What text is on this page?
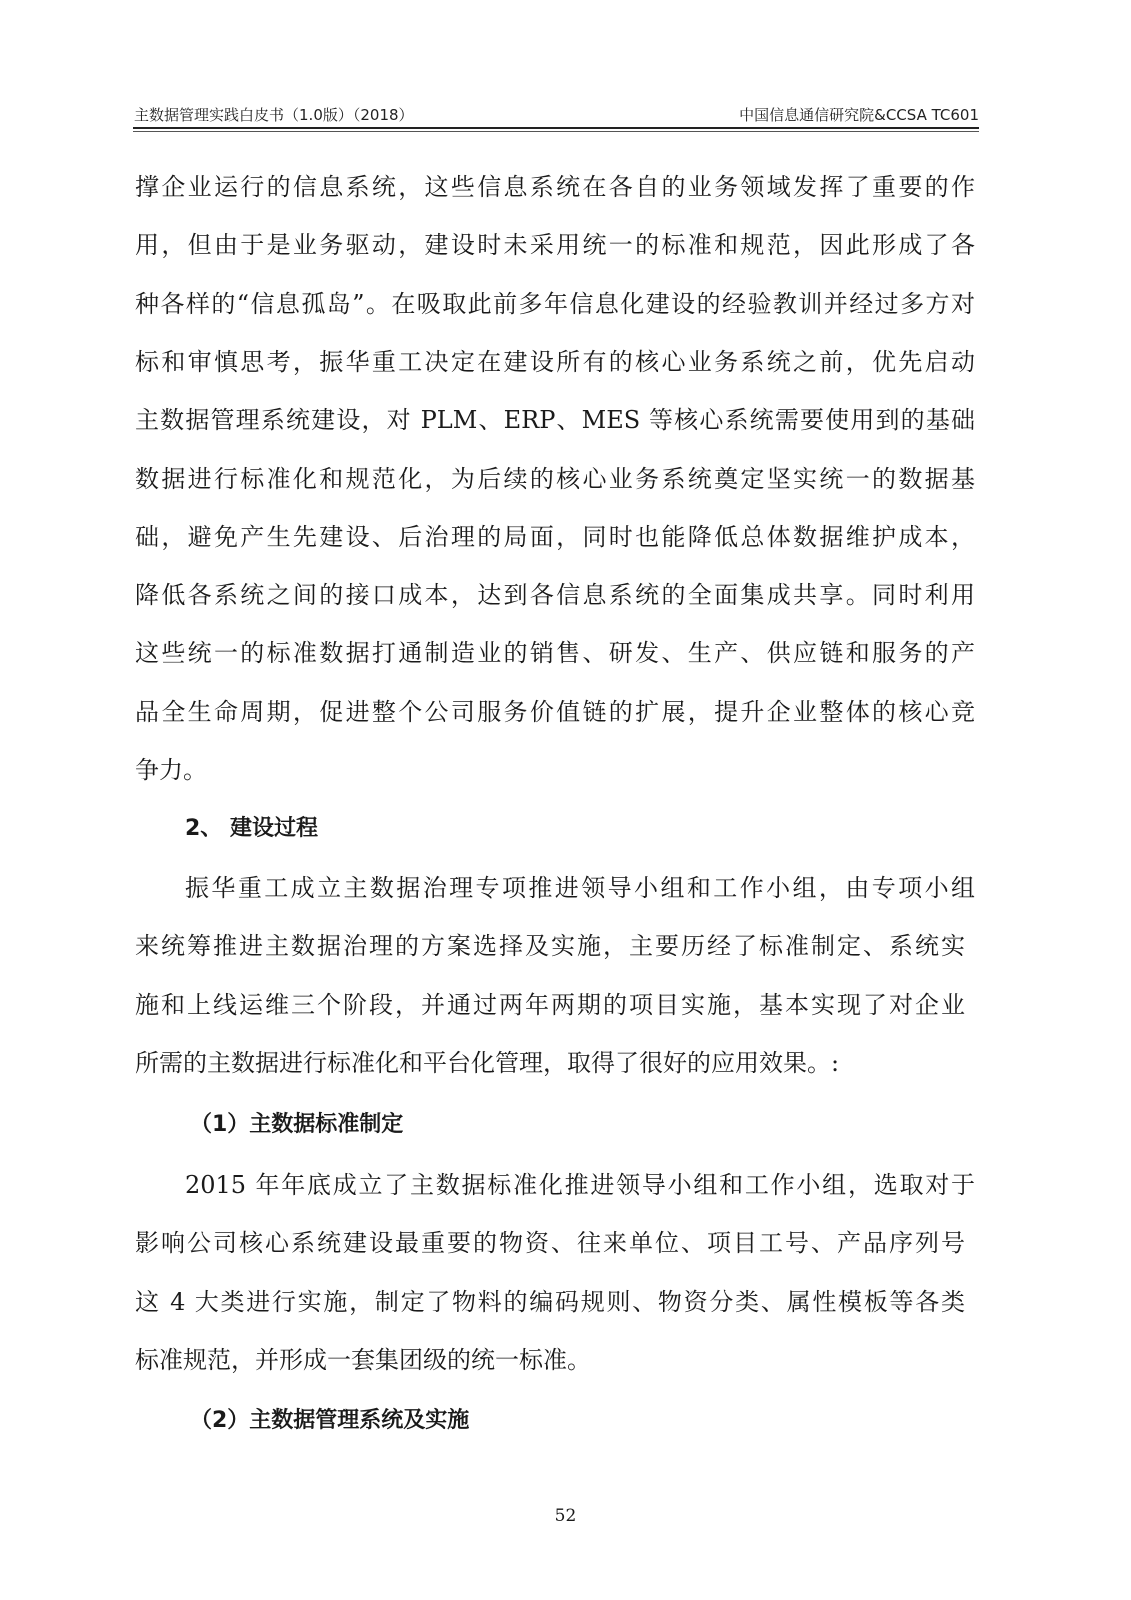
主数据管理实践白皮书（1.0版）（2018）	中国信息通信研究院&CCSA TC601
撑企业运行的信息系统，这些信息系统在各自的业务领域发挥了重要的作
用，但由于是业务驱动，建设时未采用统一的标准和规范，因此形成了各
种各样的“信息孤岛”。在吸取此前多年信息化建设的经验教训并经过多方对
标和审慎思考，振华重工决定在建设所有的核心业务系统之前，优先启动
主数据管理系统建设，对 PLM、ERP、MES 等核心系统需要使用到的基础
数据进行标准化和规范化，为后续的核心业务系统奠定坚实统一的数据基
础，避免产生先建设、后治理的局面，同时也能降低总体数据维护成本，
降低各系统之间的接口成本，达到各信息系统的全面集成共享。同时利用
这些统一的标准数据打通制造业的销售、研发、生产、供应链和服务的产
品全生命周期，促进整个公司服务价值链的扩展，提升企业整体的核心竞
争力。
2、 建设过程
振华重工成立主数据治理专项推进领导小组和工作小组，由专项小组
来统筹推进主数据治理的方案选择及实施，主要历经了标准制定、系统实
施和上线运维三个阶段，并通过两年两期的项目实施，基本实现了对企业
所需的主数据进行标准化和平台化管理，取得了很好的应用效果。:
（1）主数据标准制定
2015 年年底成立了主数据标准化推进领导小组和工作小组，选取对于
影响公司核心系统建设最重要的物资、往来单位、项目工号、产品序列号
这 4 大类进行实施，制定了物料的编码规则、物资分类、属性模板等各类
标准规范，并形成一套集团级的统一标准。
（2）主数据管理系统及实施
52
